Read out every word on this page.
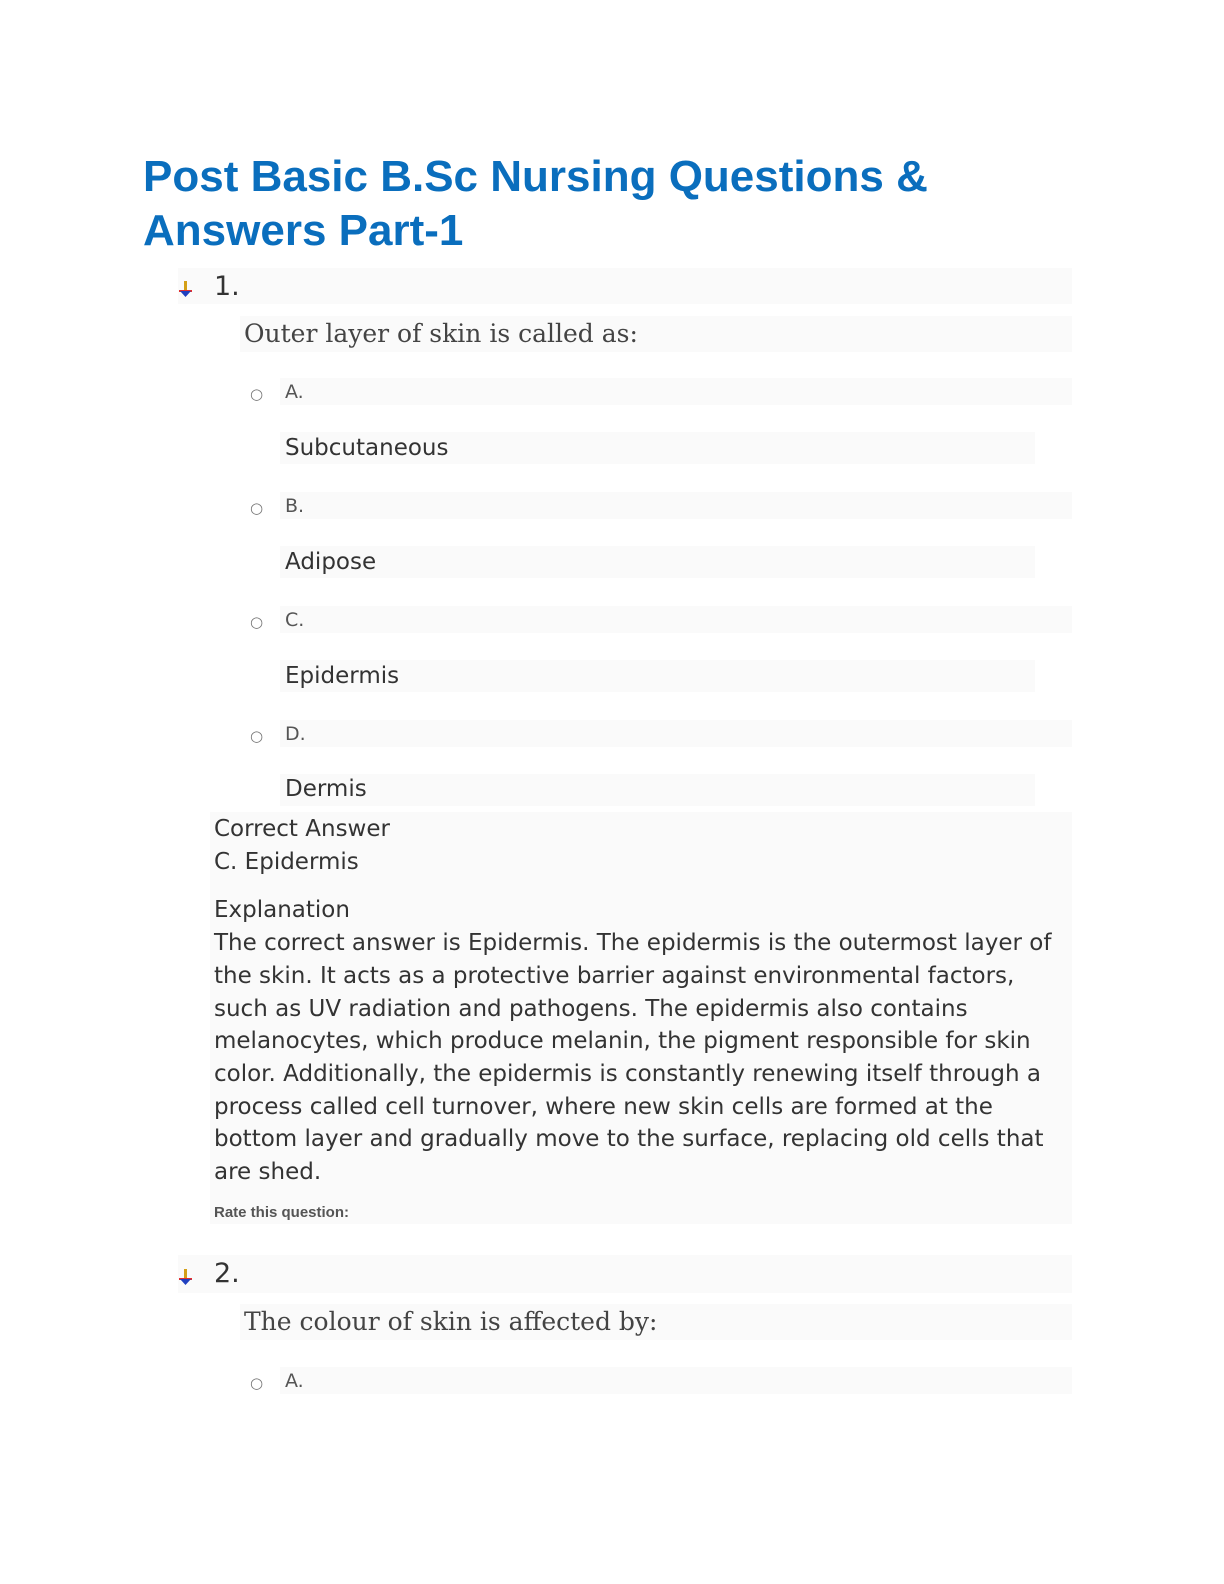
Post Basic B.Sc Nursing Questions & Answers Part-1
1.
Outer layer of skin is called as:
○ A.
Subcutaneous
○ B.
Adipose
○ C.
Epidermis
○ D.
Dermis

Correct Answer

C. Epidermis

Explanation

The correct answer is Epidermis. The epidermis is the outermost layer of the skin. It acts as a protective barrier against environmental factors, such as UV radiation and pathogens. The epidermis also contains melanocytes, which produce melanin, the pigment responsible for skin color. Additionally, the epidermis is constantly renewing itself through a process called cell turnover, where new skin cells are formed at the bottom layer and gradually move to the surface, replacing old cells that are shed.

Rate this question:
2.
The colour of skin is affected by:
○ A.
